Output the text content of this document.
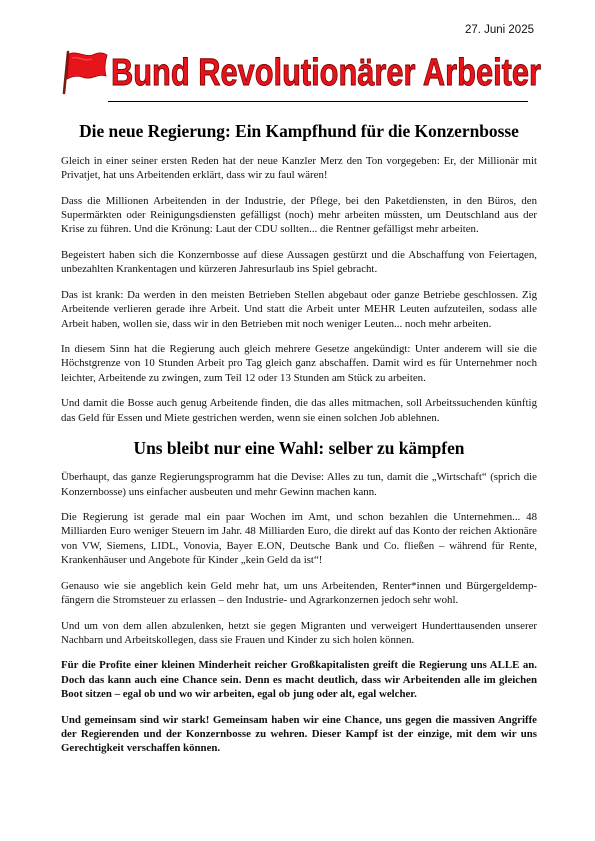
27. Juni 2025
Bund Revolutionärer Arbeiter
Die neue Regierung: Ein Kampfhund für die Konzernbosse

Gleich in einer seiner ersten Reden hat der neue Kanzler Merz den Ton vorgegeben: Er, der Millionär mit Privatjet, hat uns Arbeitenden erklärt, dass wir zu faul wären!

Dass die Millionen Arbeitenden in der Industrie, der Pflege, bei den Paketdiensten, in den Büros, den Supermärkten oder Reinigungsdiensten gefälligst (noch) mehr arbeiten müssten, um Deutschland aus der Krise zu führen. Und die Krönung: Laut der CDU sollten... die Rentner gefälligst mehr arbeiten.

Begeistert haben sich die Konzernbosse auf diese Aussagen gestürzt und die Abschaffung von Feiertagen, unbezahlten Krankentagen und kürzeren Jahresurlaub ins Spiel gebracht.

Das ist krank: Da werden in den meisten Betrieben Stellen abgebaut oder ganze Betriebe geschlossen. Zig Arbeitende verlieren gerade ihre Arbeit. Und statt die Arbeit unter MEHR Leuten aufzuteilen, sodass alle Arbeit haben, wollen sie, dass wir in den Betrieben mit noch weniger Leuten... noch mehr arbeiten.

In diesem Sinn hat die Regierung auch gleich mehrere Gesetze angekündigt: Unter anderem will sie die Höchstgrenze von 10 Stunden Arbeit pro Tag gleich ganz abschaffen. Damit wird es für Unternehmer noch leichter, Arbeitende zu zwingen, zum Teil 12 oder 13 Stunden am Stück zu arbeiten.

Und damit die Bosse auch genug Arbeitende finden, die das alles mitmachen, soll Arbeitssuchenden künftig das Geld für Essen und Miete gestrichen werden, wenn sie einen solchen Job ablehnen.

Uns bleibt nur eine Wahl: selber zu kämpfen

Überhaupt, das ganze Regierungsprogramm hat die Devise: Alles zu tun, damit die „Wirtschaft“ (sprich die Konzernbosse) uns einfacher ausbeuten und mehr Gewinn machen kann.

Die Regierung ist gerade mal ein paar Wochen im Amt, und schon bezahlen die Unternehmen... 48 Milliarden Euro weniger Steuern im Jahr. 48 Milliarden Euro, die direkt auf das Konto der reichen Aktionäre von VW, Siemens, LIDL, Vonovia, Bayer E.ON, Deutsche Bank und Co. fließen – während für Rente, Krankenhäuser und Angebote für Kinder „kein Geld da ist“!

Genauso wie sie angeblich kein Geld mehr hat, um uns Arbeitenden, Renter*innen und Bürgergeldempfängern die Stromsteuer zu erlassen – den Industrie- und Agrarkonzernen jedoch sehr wohl.

Und um von dem allen abzulenken, hetzt sie gegen Migranten und verweigert Hunderttausenden unserer Nachbarn und Arbeitskollegen, dass sie Frauen und Kinder zu sich holen können.

Für die Profite einer kleinen Minderheit reicher Großkapitalisten greift die Regierung uns ALLE an. Doch das kann auch eine Chance sein. Denn es macht deutlich, dass wir Arbeitenden alle im gleichen Boot sitzen – egal ob und wo wir arbeiten, egal ob jung oder alt, egal welcher.

Und gemeinsam sind wir stark! Gemeinsam haben wir eine Chance, uns gegen die massiven Angriffe der Regierenden und der Konzernbosse zu wehren. Dieser Kampf ist der einzige, mit dem wir uns Gerechtigkeit verschaffen können.
